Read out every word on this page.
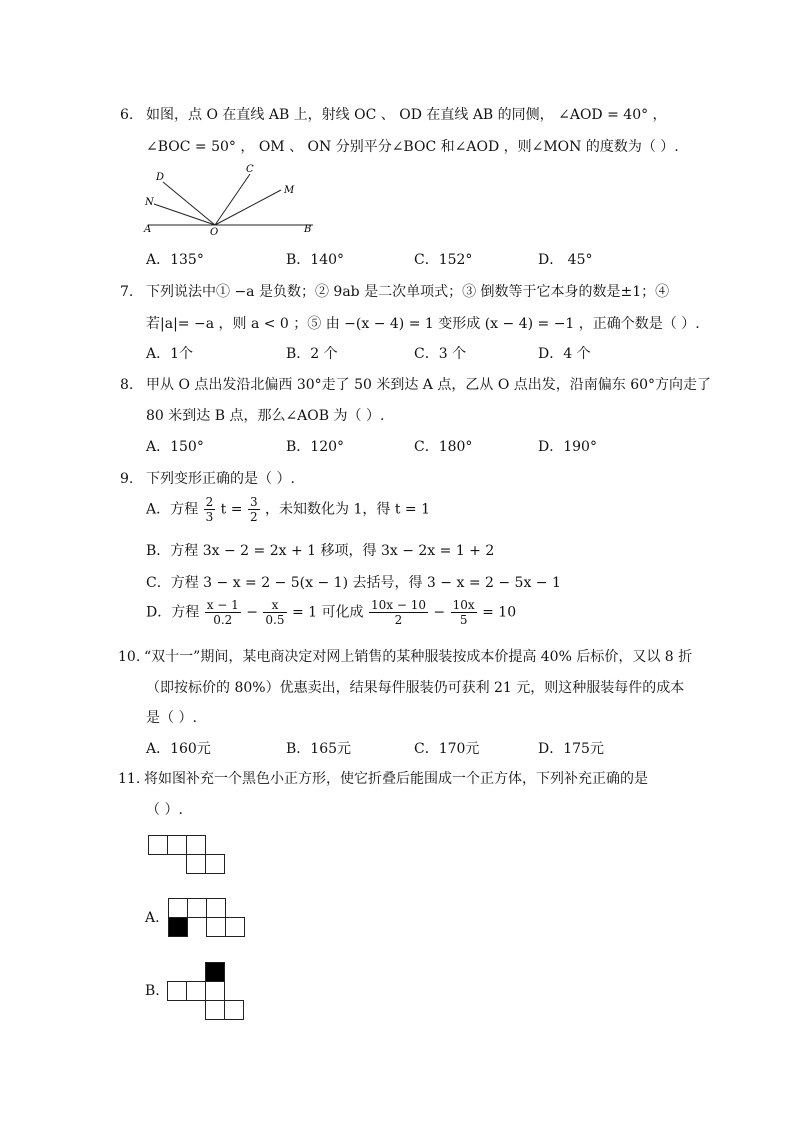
6. 如图，点 O 在直线 AB 上，射线 OC 、 OD 在直线 AB 的同侧， ∠AOD = 40° ，
∠BOC = 50° ， OM 、 ON 分别平分∠BOC 和∠AOD ，则∠MON 的度数为（ ）.
D
C
M
N
A	O	B
A．135°	B．140°	C．152°	D． 45°
7. 下列说法中① −a 是负数；② 9ab 是二次单项式；③ 倒数等于它本身的数是±1；④
若|a|= −a ，则 a < 0 ；⑤ 由 −(x − 4) = 1 变形成 (x − 4) = −1 ，正确个数是（ ）.
A．1个	B．2 个	C．3 个	D．4 个
8. 甲从 O 点出发沿北偏西 30°走了 50 米到达 A 点，乙从 O 点出发，沿南偏东 60°方向走了
80 米到达 B 点，那么∠AOB 为（ ）.
A．150°	B．120°	C．180°	D．190°
9. 下列变形正确的是（ ）.
A．方程 $\frac{2}{3}$ $t = \frac{3}{2}$ ，未知数化为 1，得 t = 1
B．方程 3x − 2 = 2x + 1 移项，得 3x − 2x = 1 + 2
C．方程 3 − x = 2 − 5(x − 1) 去括号，得 3 − x = 2 − 5x − 1
D．方程 $\frac{x - 1}{0.2} - \frac{x}{0.5} = 1$ 可化成 $\frac{10x - 10}{2} - \frac{10x}{5} = 10$
10. “双十一”期间，某电商决定对网上销售的某种服装按成本价提高 40% 后标价，又以 8 折
（即按标价的 80%）优惠卖出，结果每件服装仍可获利 21 元，则这种服装每件的成本
是（ ）.
A．160元	B．165元	C．170元	D．175元
11. 将如图补充一个黑色小正方形，使它折叠后能围成一个正方体，下列补充正确的是
（ ）.
A.
B.
